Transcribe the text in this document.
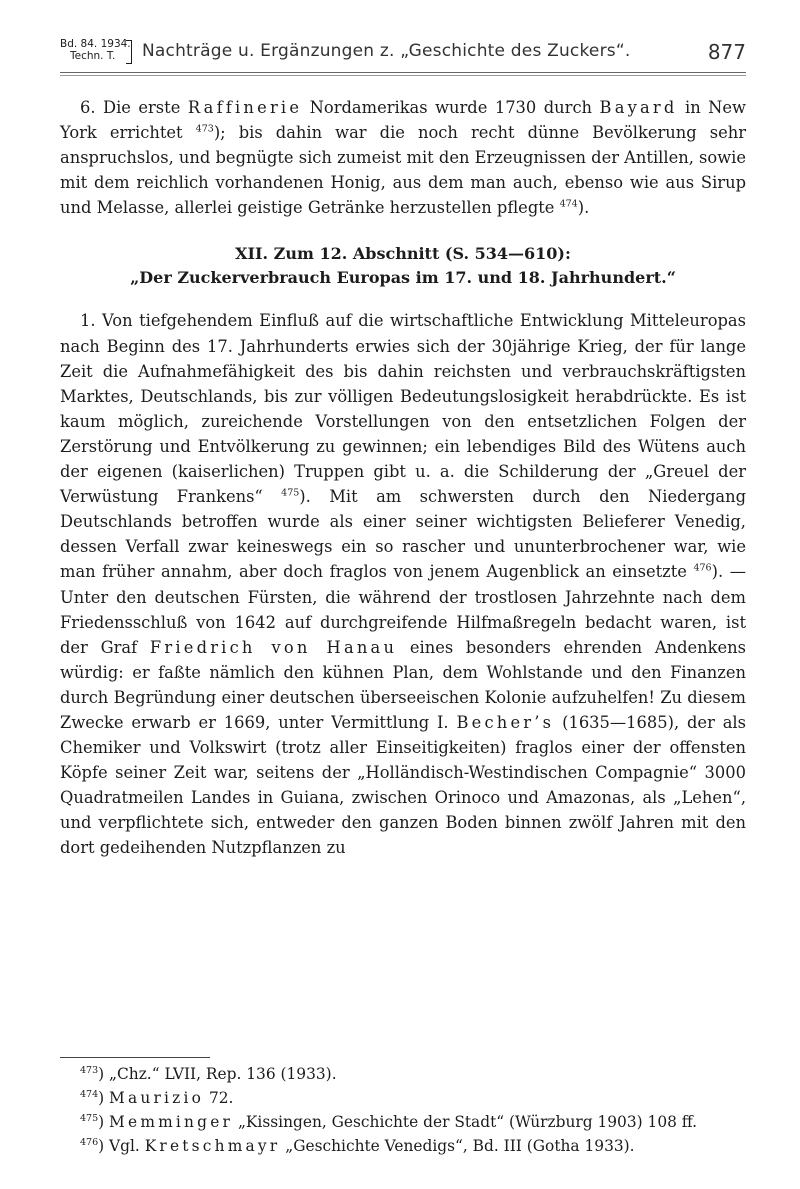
Bd. 84. 1934.
Techn. T.	Nachträge u. Ergänzungen z. „Geschichte des Zuckers“.	877

6. Die erste Raffinerie Nordamerikas wurde 1730 durch Bayard in New York errichtet $^{473}$); bis dahin war die noch recht dünne Bevölkerung sehr anspruchslos, und begnügte sich zumeist mit den Erzeugnissen der Antillen, sowie mit dem reichlich vorhandenen Honig, aus dem man auch, ebenso wie aus Sirup und Melasse, allerlei geistige Getränke herzustellen pflegte $^{474}$).

XII. Zum 12. Abschnitt (S. 534—610):
„Der Zuckerverbrauch Europas im 17. und 18. Jahrhundert.“

1. Von tiefgehendem Einfluß auf die wirtschaftliche Entwicklung Mitteleuropas nach Beginn des 17. Jahrhunderts erwies sich der 30jährige Krieg, der für lange Zeit die Aufnahmefähigkeit des bis dahin reichsten und verbrauchskräftigsten Marktes, Deutschlands, bis zur völligen Bedeutungslosigkeit herabdrückte. Es ist kaum möglich, zureichende Vorstellungen von den entsetzlichen Folgen der Zerstörung und Entvölkerung zu gewinnen; ein lebendiges Bild des Wütens auch der eigenen (kaiserlichen) Truppen gibt u. a. die Schilderung der „Greuel der Verwüstung Frankens“ $^{475}$). Mit am schwersten durch den Niedergang Deutschlands betroffen wurde als einer seiner wichtigsten Belieferer Venedig, dessen Verfall zwar keineswegs ein so rascher und ununterbrochener war, wie man früher annahm, aber doch fraglos von jenem Augenblick an einsetzte $^{476}$). — Unter den deutschen Fürsten, die während der trostlosen Jahrzehnte nach dem Friedensschluß von 1642 auf durchgreifende Hilfmaßregeln bedacht waren, ist der Graf Friedrich von Hanau eines besonders ehrenden Andenkens würdig: er faßte nämlich den kühnen Plan, dem Wohlstande und den Finanzen durch Begründung einer deutschen überseeischen Kolonie aufzuhelfen! Zu diesem Zwecke erwarb er 1669, unter Vermittlung I. Becher’s (1635—1685), der als Chemiker und Volkswirt (trotz aller Einseitigkeiten) fraglos einer der offensten Köpfe seiner Zeit war, seitens der „Holländisch-Westindischen Compagnie“ 3000 Quadratmeilen Landes in Guiana, zwischen Orinoco und Amazonas, als „Lehen“, und verpflichtete sich, entweder den ganzen Boden binnen zwölf Jahren mit den dort gedeihenden Nutzpflanzen zu

$^{473}$) „Chz.“ LVII, Rep. 136 (1933).

$^{474}$) Maurizio 72.

$^{475}$) Memminger „Kissingen, Geschichte der Stadt“ (Würzburg 1903) 108 ff.

$^{476}$) Vgl. Kretschmayr „Geschichte Venedigs“, Bd. III (Gotha 1933).
